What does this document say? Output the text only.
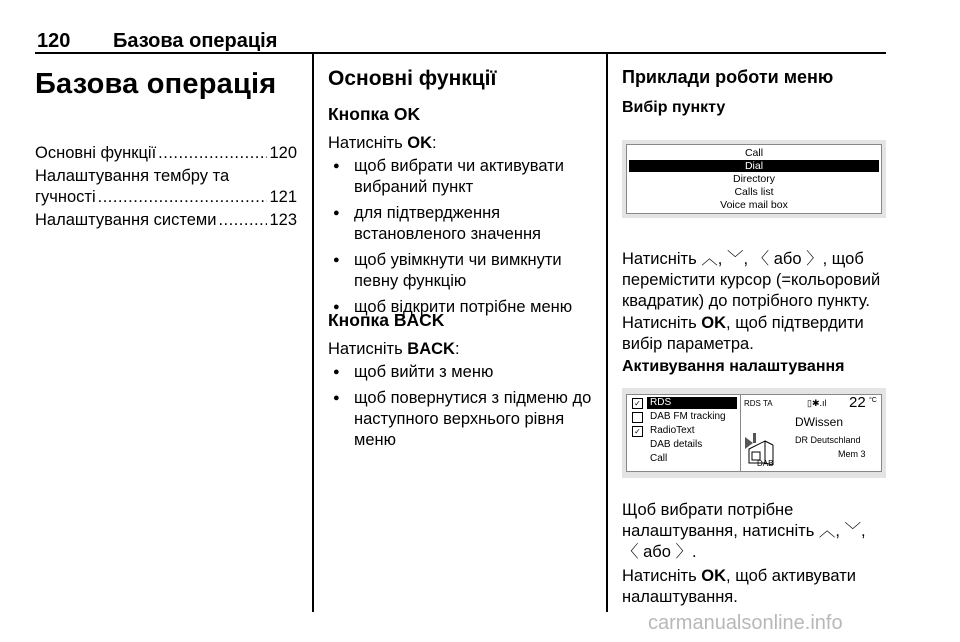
120 Базова операція
Базова операція
Основні функції .....	120
Налаштування тембру та
гучності .....	121
Налаштування системи .....	123
Основні функції
Кнопка OK
Натисніть OK:
● щоб вибрати чи активувати вибраний пункт
● для підтвердження встановленого значення
● щоб увімкнути чи вимкнути певну функцію
● щоб відкрити потрібне меню
Кнопка BACK
Натисніть BACK:
● щоб вийти з меню
● щоб повернутися з підменю до наступного верхнього рівня меню
Приклади роботи меню
Вибір пункту
Call
Dial
Directory
Calls list
Voice mail box
Натисніть ︿, ﹀, 〈 або 〉, щоб перемістити курсор (=кольоровий квадратик) до потрібного пункту.
Натисніть OK, щоб підтвердити вибір параметра.
Активування налаштування
✓ RDS
DAB FM tracking
✓ RadioText
DAB details
Call
RDS TA	▯✱.ıl 22 °C
DWissen
DR Deutschland
Mem 3
DAB
Щоб вибрати потрібне налаштування, натисніть ︿, ﹀, 〈 або 〉.
Натисніть OK, щоб активувати налаштування.
carmanualsonline.info
